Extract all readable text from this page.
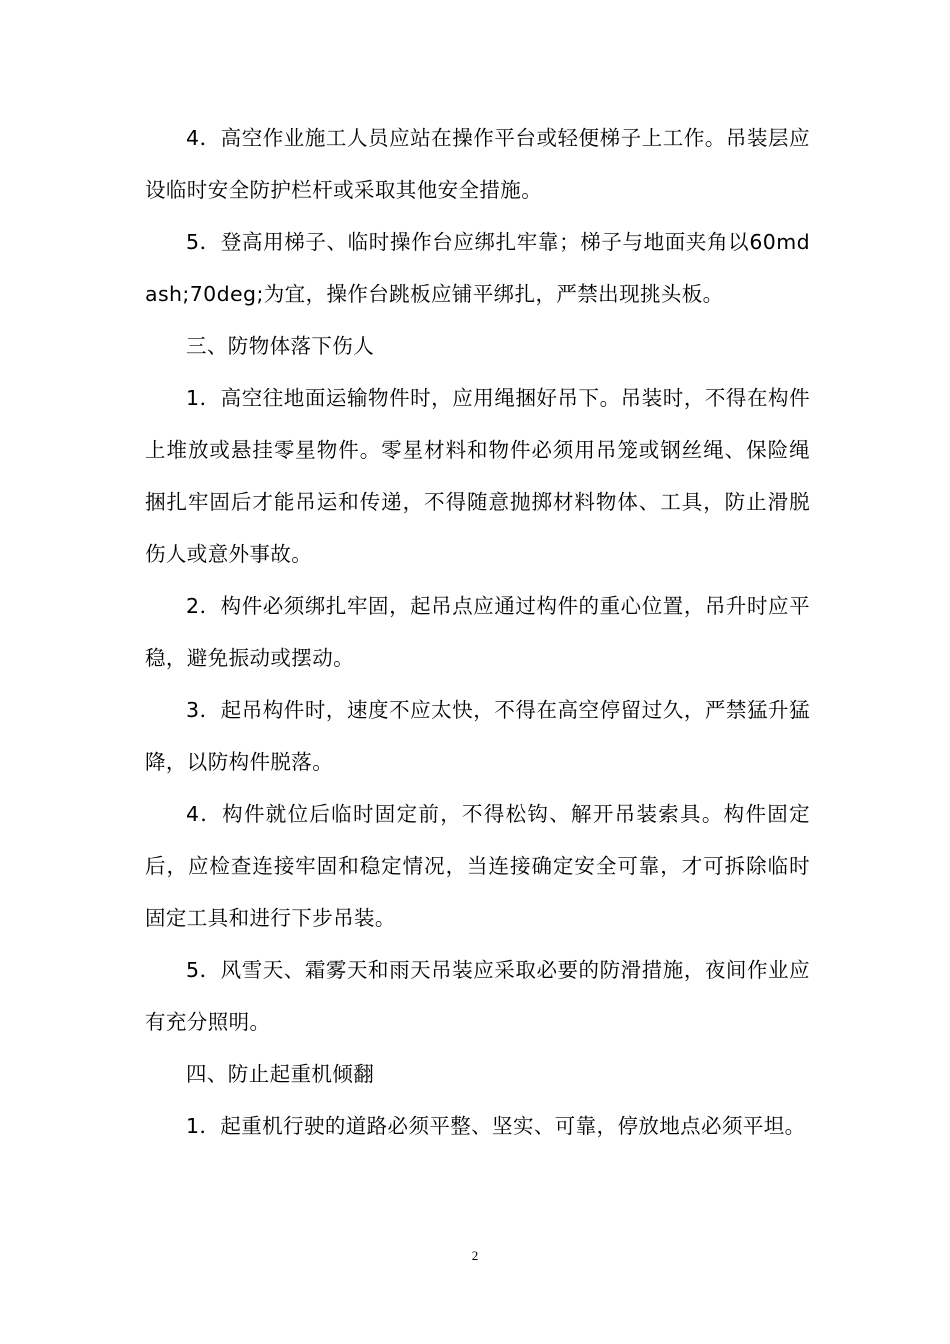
4．高空作业施工人员应站在操作平台或轻便梯子上工作。吊装层应设临时安全防护栏杆或采取其他安全措施。

5．登高用梯子、临时操作台应绑扎牢靠；梯子与地面夹角以60mdash;70deg;为宜，操作台跳板应铺平绑扎，严禁出现挑头板。

三、防物体落下伤人

1．高空往地面运输物件时，应用绳捆好吊下。吊装时，不得在构件上堆放或悬挂零星物件。零星材料和物件必须用吊笼或钢丝绳、保险绳捆扎牢固后才能吊运和传递，不得随意抛掷材料物体、工具，防止滑脱伤人或意外事故。

2．构件必须绑扎牢固，起吊点应通过构件的重心位置，吊升时应平稳，避免振动或摆动。

3．起吊构件时，速度不应太快，不得在高空停留过久，严禁猛升猛降，以防构件脱落。

4．构件就位后临时固定前，不得松钩、解开吊装索具。构件固定后，应检查连接牢固和稳定情况，当连接确定安全可靠，才可拆除临时固定工具和进行下步吊装。

5．风雪天、霜雾天和雨天吊装应采取必要的防滑措施，夜间作业应有充分照明。

四、防止起重机倾翻

1．起重机行驶的道路必须平整、坚实、可靠，停放地点必须平坦。

2
